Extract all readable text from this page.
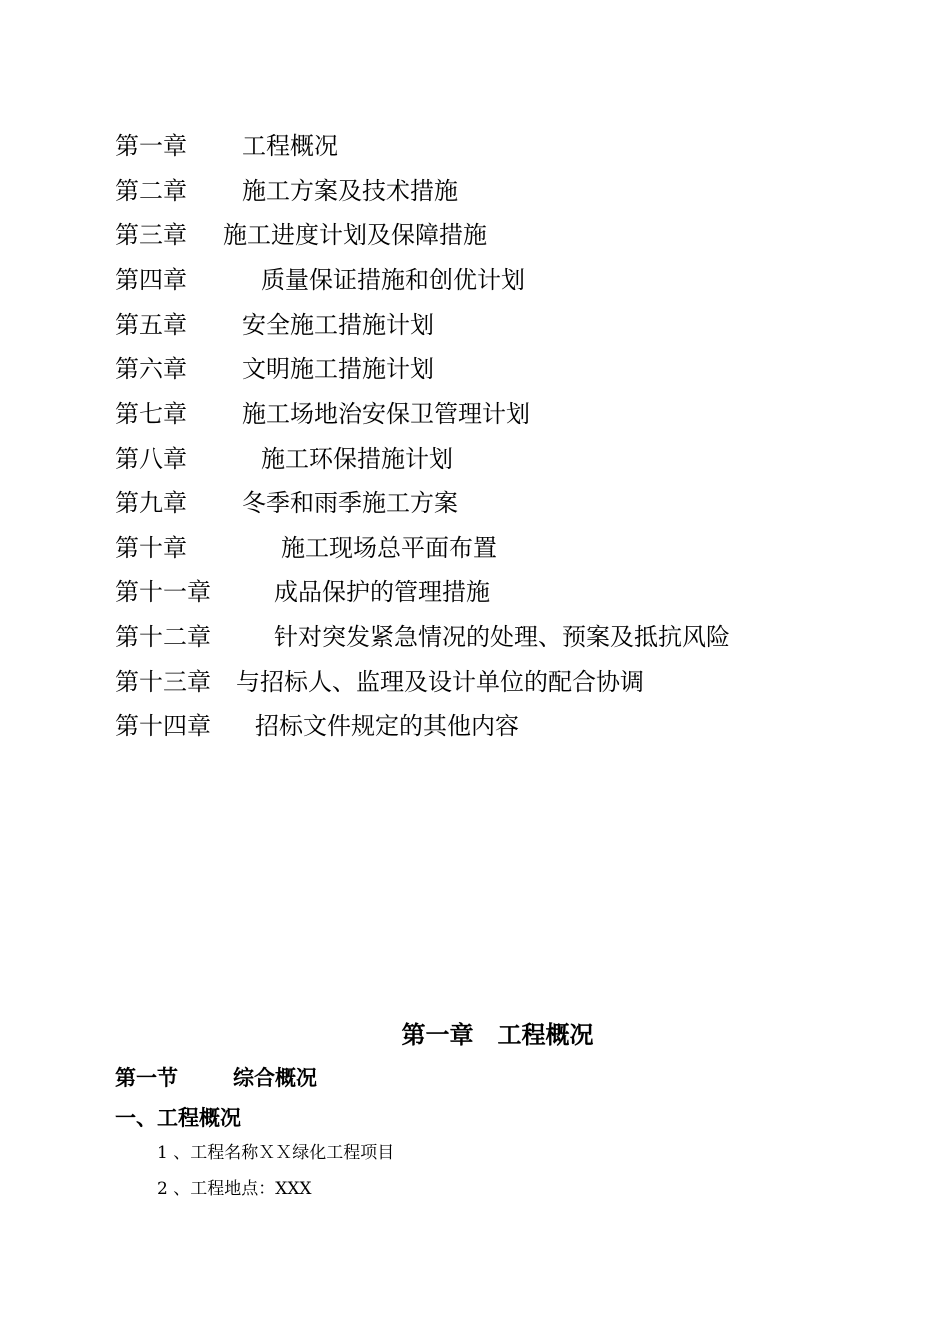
第一章 工程概况
第二章 施工方案及技术措施
第三章 施工进度计划及保障措施
第四章	质量保证措施和创优计划
第五章 安全施工措施计划
第六章 文明施工措施计划
第七章 施工场地治安保卫管理计划
第八章	施工环保措施计划
第九章 冬季和雨季施工方案
第十章	施工现场总平面布置
第十一章	成品保护的管理措施
第十二章	针对突发紧急情况的处理、预案及抵抗风险
第十三章 与招标人、监理及设计单位的配合协调
第十四章 招标文件规定的其他内容
第一章　工程概况
第一节	综合概况
一、工程概况
1 、工程名称ＸＸ绿化工程项目
2 、工程地点：XXX
